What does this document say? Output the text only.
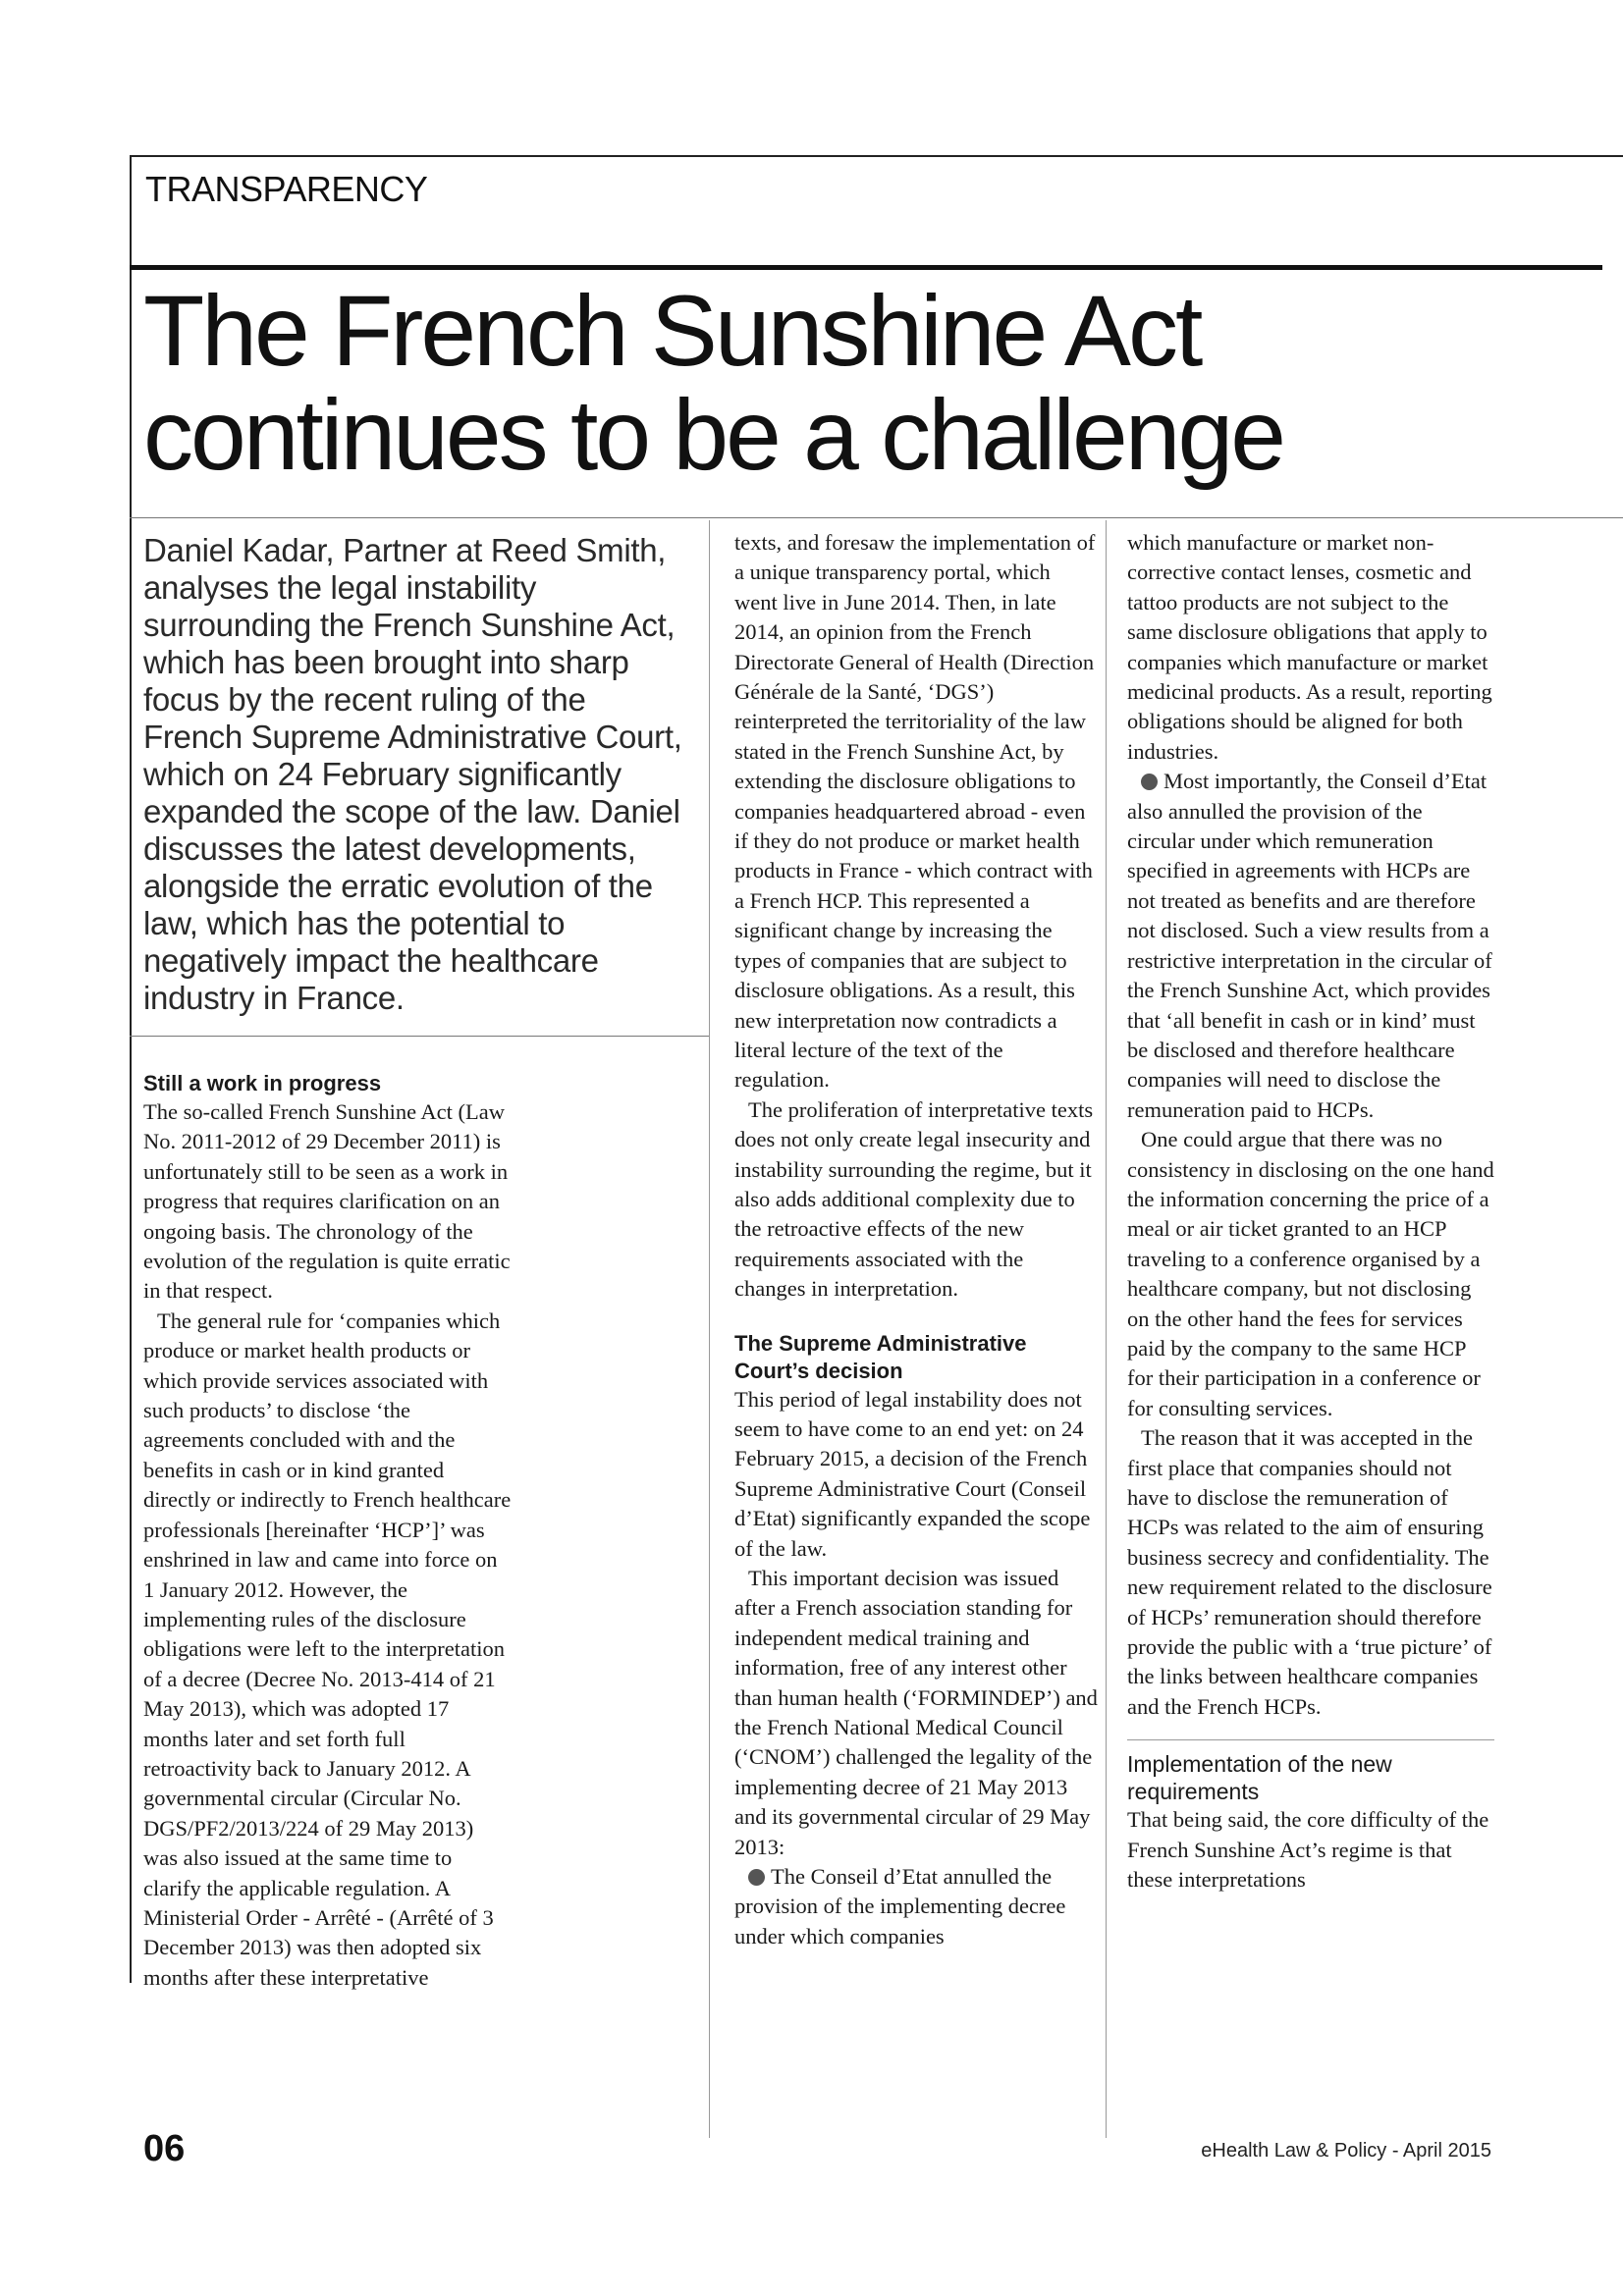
TRANSPARENCY
The French Sunshine Act continues to be a challenge
Daniel Kadar, Partner at Reed Smith, analyses the legal instability surrounding the French Sunshine Act, which has been brought into sharp focus by the recent ruling of the French Supreme Administrative Court, which on 24 February significantly expanded the scope of the law. Daniel discusses the latest developments, alongside the erratic evolution of the law, which has the potential to negatively impact the healthcare industry in France.
Still a work in progress

The so-called French Sunshine Act (Law No. 2011-2012 of 29 December 2011) is unfortunately still to be seen as a work in progress that requires clarification on an ongoing basis. The chronology of the evolution of the regulation is quite erratic in that respect.

The general rule for ‘companies which produce or market health products or which provide services associated with such products’ to disclose ‘the agreements concluded with and the benefits in cash or in kind granted directly or indirectly to French healthcare professionals [hereinafter ‘HCP’]’ was enshrined in law and came into force on 1 January 2012. However, the implementing rules of the disclosure obligations were left to the interpretation of a decree (Decree No. 2013-414 of 21 May 2013), which was adopted 17 months later and set forth full retroactivity back to January 2012. A governmental circular (Circular No. DGS/PF2/2013/224 of 29 May 2013) was also issued at the same time to clarify the applicable regulation. A Ministerial Order - Arrêté - (Arrêté of 3 December 2013) was then adopted six months after these interpretative

texts, and foresaw the implementation of a unique transparency portal, which went live in June 2014. Then, in late 2014, an opinion from the French Directorate General of Health (Direction Générale de la Santé, ‘DGS’) reinterpreted the territoriality of the law stated in the French Sunshine Act, by extending the disclosure obligations to companies headquartered abroad - even if they do not produce or market health products in France - which contract with a French HCP. This represented a significant change by increasing the types of companies that are subject to disclosure obligations. As a result, this new interpretation now contradicts a literal lecture of the text of the regulation.

The proliferation of interpretative texts does not only create legal insecurity and instability surrounding the regime, but it also adds additional complexity due to the retroactive effects of the new requirements associated with the changes in interpretation.

The Supreme Administrative Court’s decision

This period of legal instability does not seem to have come to an end yet: on 24 February 2015, a decision of the French Supreme Administrative Court (Conseil d’Etat) significantly expanded the scope of the law.

This important decision was issued after a French association standing for independent medical training and information, free of any interest other than human health (‘FORMINDEP’) and the French National Medical Council (‘CNOM’) challenged the legality of the implementing decree of 21 May 2013 and its governmental circular of 29 May 2013:

The Conseil d’Etat annulled the provision of the implementing decree under which companies

which manufacture or market non-corrective contact lenses, cosmetic and tattoo products are not subject to the same disclosure obligations that apply to companies which manufacture or market medicinal products. As a result, reporting obligations should be aligned for both industries.

Most importantly, the Conseil d’Etat also annulled the provision of the circular under which remuneration specified in agreements with HCPs are not treated as benefits and are therefore not disclosed. Such a view results from a restrictive interpretation in the circular of the French Sunshine Act, which provides that ‘all benefit in cash or in kind’ must be disclosed and therefore healthcare companies will need to disclose the remuneration paid to HCPs.

One could argue that there was no consistency in disclosing on the one hand the information concerning the price of a meal or air ticket granted to an HCP traveling to a conference organised by a healthcare company, but not disclosing on the other hand the fees for services paid by the company to the same HCP for their participation in a conference or for consulting services.

The reason that it was accepted in the first place that companies should not have to disclose the remuneration of HCPs was related to the aim of ensuring business secrecy and confidentiality. The new requirement related to the disclosure of HCPs’ remuneration should therefore provide the public with a ‘true picture’ of the links between healthcare companies and the French HCPs.

Implementation of the new requirements

That being said, the core difficulty of the French Sunshine Act’s regime is that these interpretations

06	eHealth Law & Policy - April 2015
